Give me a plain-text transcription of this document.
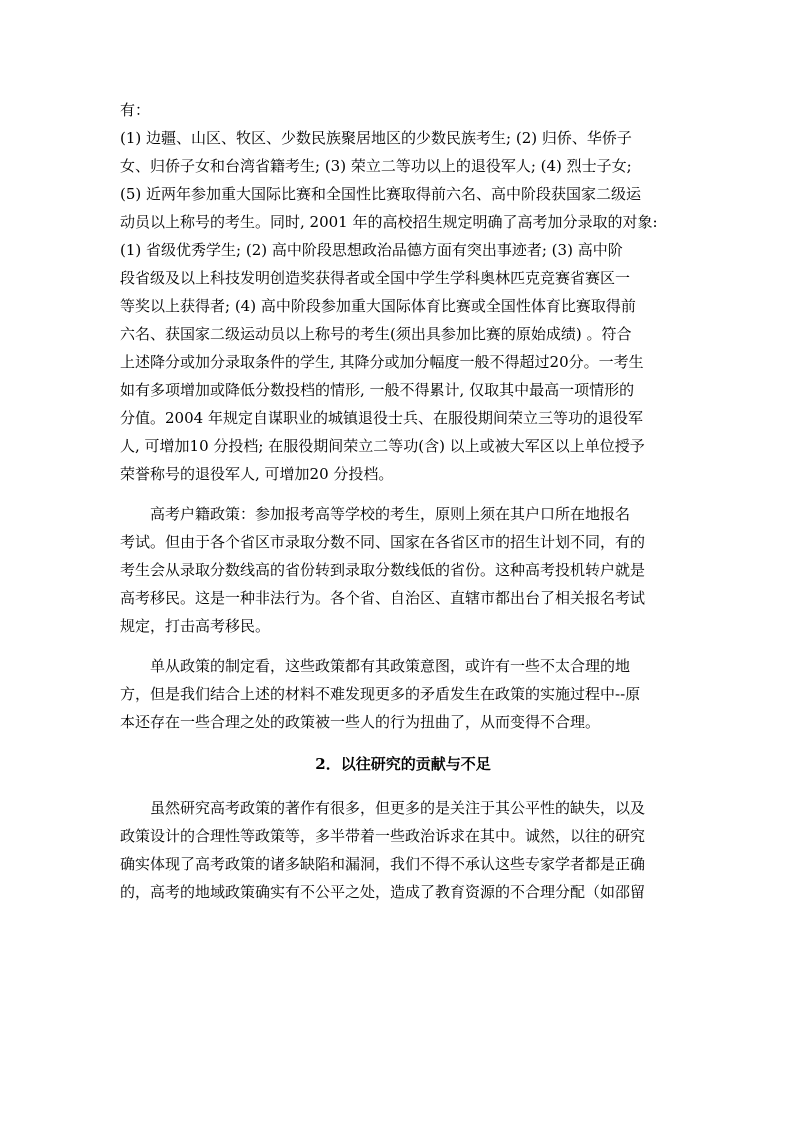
有：
(1) 边疆、山区、牧区、少数民族聚居地区的少数民族考生; (2) 归侨、华侨子
女、归侨子女和台湾省籍考生; (3) 荣立二等功以上的退役军人; (4) 烈士子女;
(5) 近两年参加重大国际比赛和全国性比赛取得前六名、高中阶段获国家二级运
动员以上称号的考生。同时, 2001 年的高校招生规定明确了高考加分录取的对象:
(1) 省级优秀学生; (2) 高中阶段思想政治品德方面有突出事迹者; (3) 高中阶
段省级及以上科技发明创造奖获得者或全国中学生学科奥林匹克竞赛省赛区一
等奖以上获得者; (4) 高中阶段参加重大国际体育比赛或全国性体育比赛取得前
六名、获国家二级运动员以上称号的考生(须出具参加比赛的原始成绩) 。符合
上述降分或加分录取条件的学生, 其降分或加分幅度一般不得超过20分。一考生
如有多项增加或降低分数投档的情形, 一般不得累计, 仅取其中最高一项情形的
分值。2004 年规定自谋职业的城镇退役士兵、在服役期间荣立三等功的退役军
人, 可增加10 分投档; 在服役期间荣立二等功(含) 以上或被大军区以上单位授予
荣誉称号的退役军人, 可增加20 分投档。
高考户籍政策：参加报考高等学校的考生，原则上须在其户口所在地报名
考试。但由于各个省区市录取分数不同、国家在各省区市的招生计划不同，有的
考生会从录取分数线高的省份转到录取分数线低的省份。这种高考投机转户就是
高考移民。这是一种非法行为。各个省、自治区、直辖市都出台了相关报名考试
规定，打击高考移民。
单从政策的制定看，这些政策都有其政策意图，或许有一些不太合理的地
方，但是我们结合上述的材料不难发现更多的矛盾发生在政策的实施过程中--原
本还存在一些合理之处的政策被一些人的行为扭曲了，从而变得不合理。
2．以往研究的贡献与不足
虽然研究高考政策的著作有很多，但更多的是关注于其公平性的缺失，以及
政策设计的合理性等政策等，多半带着一些政治诉求在其中。诚然，以往的研究
确实体现了高考政策的诸多缺陷和漏洞，我们不得不承认这些专家学者都是正确
的，高考的地域政策确实有不公平之处，造成了教育资源的不合理分配（如邵留
